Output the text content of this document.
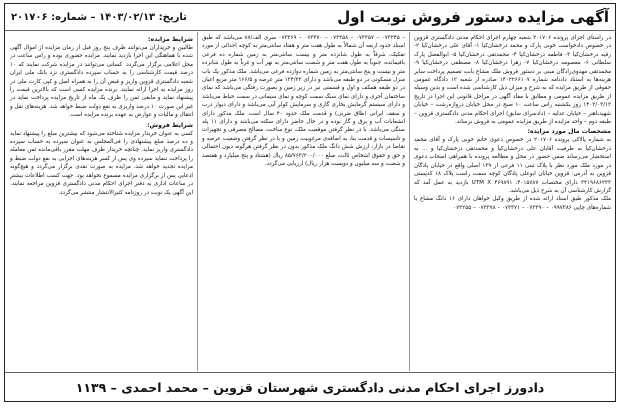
آگهی مزایده دستور فروش نوبت اول
تاریخ: ۱۴۰۳/۰۲/۱۳ – شماره: ۲۰۱۷۰۶

در راستای اجرای پرونده ۲۰۱۷۰۶ شعبه چهارم اجرای احکام مدنی دادگستری قزوین در خصوص دادخواست خوبی پارک و محمد درخشان‌کیا ۱- آقای علی درخشان‌کیا ۲- رقیه درخشان‌کیا ۳- فاطمه درخشان‌کیا ۴- محمدتقی درخشان‌کیا ۵- ابوالفضل پارک سلطانی ۶- معصومه درخشان‌کیا ۷- زهرا درخشان‌کیا ۸- مصطفی درخشان‌کیا ۹- محمدتقی مهدوی‌زادگان مبنی بر دستور فروش ملک مشاع بابت تصمیم پرداخت سایر هزینه‌ها به استناد دادنامه شماره ۱۴۰۲۲۶۶۱۰۷ صادره از شعبه ۱۲ دادگاه عمومی حقوقی از طریق مزایده که به شرح و میزان ذیل کارشناسی شده است و بدین وسیله از طریق مزایده عمومی و مطابق با مفاد آگهی در مراحل قانونی این اجرا در تاریخ ۱۴۰۳/۰۳/۱۳ روز یکشنبه راس ساعت ۱۰ صبح در محل خیابان دروازه‌رشت – خیابان شهیدباهنر – خیابان عدلیه – (دادسرای سابق) اجرای احکام مدنی دادگستری قزوین – طبقه دوم – واحد مزایده از طریق مزایده عمومی به فروش برساند.

مشخصات مال مورد مزایده:

به شماره پالاکی پرونده ۲۰۱۷۰۶ در خصوص دعوی خانم خوبی پارک و آقای محمد درخشان‌کیا به طرفیت آقایان علی درخشان‌کیا و محمدتقی درخشان‌کیا و ... به استحضار می‌رساند ضمن حضور در محل و مطالعه پرونده با همراهی اصحاب دعوی در مورد ملک مورد نظر با پلاک ثبتی ۱۱ فرعی از ۱۳۹ اصلی واقع در خیابان پادگان قزوین به آدرس: قزوین خیابان ابوعلی پادگان کوچه سمت راست پلاک ۱۸ کدپستی ۳۴۱۹۶۸۶۳۳۳ دارای مختصات ۴۰۱۵۷۸۷، ۴۶۹۸۹۱ UTM X بازدید به عمل آمد که گزارش کارشناسی آن به شرح ذیل می‌باشد.

ملک مذکور طبق اسناد ارائه شده از طریق وکیل خواهان دارای ۱۶ دانگ مشاع با شماره‌های چاپی ۰۹۹۷۳۸۶ – ۰۷۳۳۹۰ – ۰۷۳۳۷۱ – ۰۷۳۳۷۸ – ۰۷۳۲۵۵

– ۰۷۳۳۴۵ – ۰۷۳۳۵۷ – ۰۷۳۳۵۸ – ۰۷۳۳۷۰ – ۰۷۳۳۶۹ سری الف/۸۷ می‌باشد که طبق اسناد حدود اربعه آن شمالاً به طول هفت متر و هفتاد سانتی‌متر به کوچه احداثی از مورد تفکیک، شرقاً به طول شانزده متر و بیست سانتی‌متر به زمین شماره ده فرعی باقیمانده، جنوباً به طول هفت متر و شصت سانتی‌متر به نهر آب و غرباً به طول شانزده متر و بیست و پنج سانتی‌متر به زمین شماره دوازده فرعی می‌باشد. ملک مذکور یک باب منزل مسکونی در دو طبقه می‌باشد و دارای ۱۲۴/۲۲ متر عرصه و ۱۶۶/۵ متر مربع اعیان در دو طبقه همکف و اول و قسمتی نیز در زیر زمین و بصورت رفتگی می‌باشد که نمای ساختمان آجری و دارای نمای سنگ سمت کوچه و نمای سیمانی در سمت حیاط می‌باشد و دارای سیستم گرمایش بخاری گازی و سرمایش کولر آبی می‌باشد و دارای دیوار درب و سقف ایرانی (طاق ضربی) و قدمت ملک حدود ۴۰ سال است. ملک مذکور دارای انشعابات آب و برق و گاز بوده و در حال حاضر دارای سکنه می‌باشد و دارای ۱۱ پله سنگی می‌باشد. با در نظر گرفتن موقعیت ملک، نوع ساخت، مصالح مصرفی و تجهیزات و تاسیسات و قدمت بنا، به اضافه‌ی مرغوبیت زمین و با در نظر گرفتن وضعیت عرضه و تقاضا در بازار، ارزش شش دانگ ملک مذکور بدون در نظر گرفتن هرگونه دیون احتمالی و حق و حقوق اشخاص ثالث، مبلغ ۸۵/۷۶۳/۲۰۰/۰۰۰ ریال (هشتاد و پنج میلیارد و هفتصد و شصت و سه میلیون و دویست هزار ریال) ارزیابی می‌گردد.

شرایط مزایده:

طالبین و خریداران می‌توانند ظرف پنج روز قبل از زمان مزایده از اموال آگهی شده با هماهنگی این اجرا بازدید نمایند. مزایده حضوری بوده و راس ساعت در محل اعلامی برگزار می‌گردد. کسانی می‌توانند در مزایده شرکت نمایند که ۱۰ درصد قیمت کارشناسی را به حساب سپرده دادگستری نزد بانک ملی ایران شعبه دادگستری قزوین واریز و قبض آن را به همراه اصل و کپی کارت ملی در روز مزایده به اجرا ارائه نمایند. برنده مزایده کسی است که بالاترین قیمت را پیشنهاد نماید و مابقی ثمن را ظرف یک ماه از تاریخ مزایده پرداخت نماید در غیر این صورت ۱۰ درصد واریزی به نفع دولت ضبط خواهد شد. هزینه‌های نقل و انتقال و مالیات و عوارض به عهده برنده مزایده است.

شرایط فروش:

کسی به عنوان خریدار مزایده شناخته می‌شود که بیشترین مبلغ را پیشنهاد نماید و ده درصد مبلغ پیشنهادی را فی‌المجلس به عنوان سپرده به حساب سپرده دادگستری واریز نماید. چنانچه خریدار ظرف مهلت مقرر باقی‌مانده ثمن معامله را پرداخت ننماید سپرده وی پس از کسر هزینه‌های اجرایی به نفع دولت ضبط و مزایده تجدید خواهد شد. مزایده به صورت نقدی برگزار می‌گردد و هیچ‌گونه ادعایی پس از برگزاری مزایده مسموع نخواهد بود. جهت کسب اطلاعات بیشتر در ساعات اداری به دفتر اجرای احکام مدنی دادگستری قزوین مراجعه نمایند. این آگهی یک نوبت در روزنامه کثیرالانتشار منتشر می‌گردد.

دادورز اجرای احکام مدنی دادگستری شهرستان قزوین – محمد احمدی – ۱۱۳۹
